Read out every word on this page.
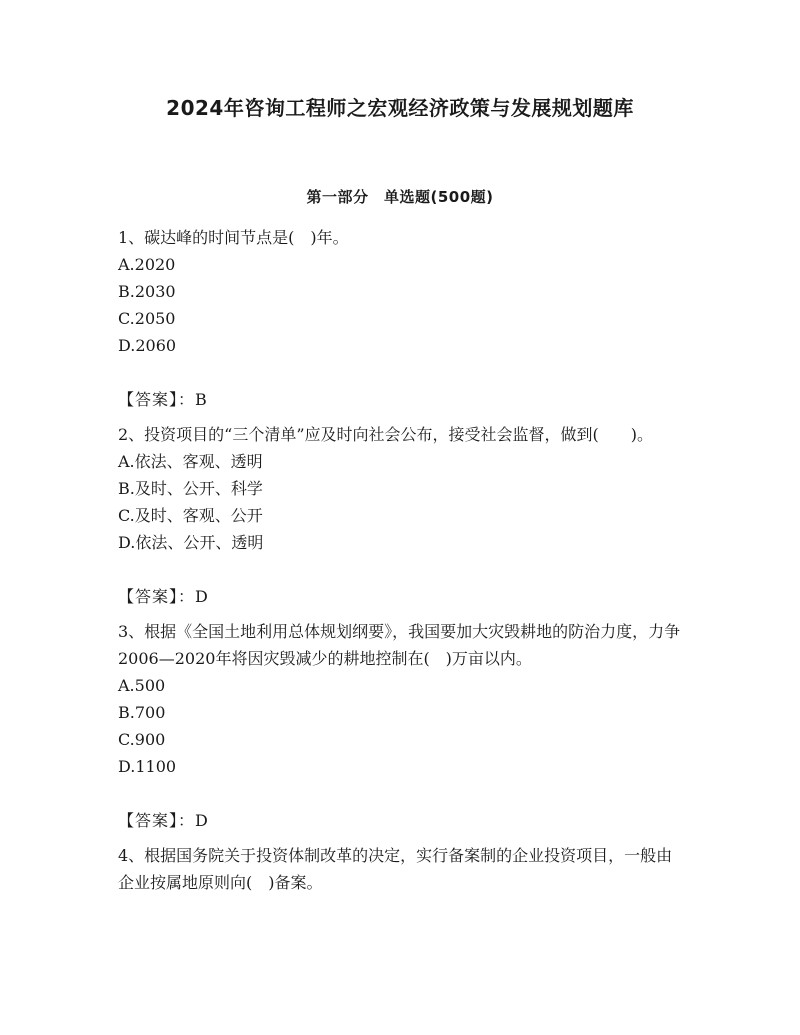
2024年咨询工程师之宏观经济政策与发展规划题库
第一部分　单选题(500题)
1、碳达峰的时间节点是(　)年。
A.2020
B.2030
C.2050
D.2060
【答案】：B
2、投资项目的“三个清单”应及时向社会公布，接受社会监督，做到(　　)。
A.依法、客观、透明
B.及时、公开、科学
C.及时、客观、公开
D.依法、公开、透明
【答案】：D
3、根据《全国土地利用总体规划纲要》，我国要加大灾毁耕地的防治力度，力争2006—2020年将因灾毁减少的耕地控制在(　)万亩以内。
A.500
B.700
C.900
D.1100
【答案】：D
4、根据国务院关于投资体制改革的决定，实行备案制的企业投资项目，一般由企业按属地原则向(　)备案。
